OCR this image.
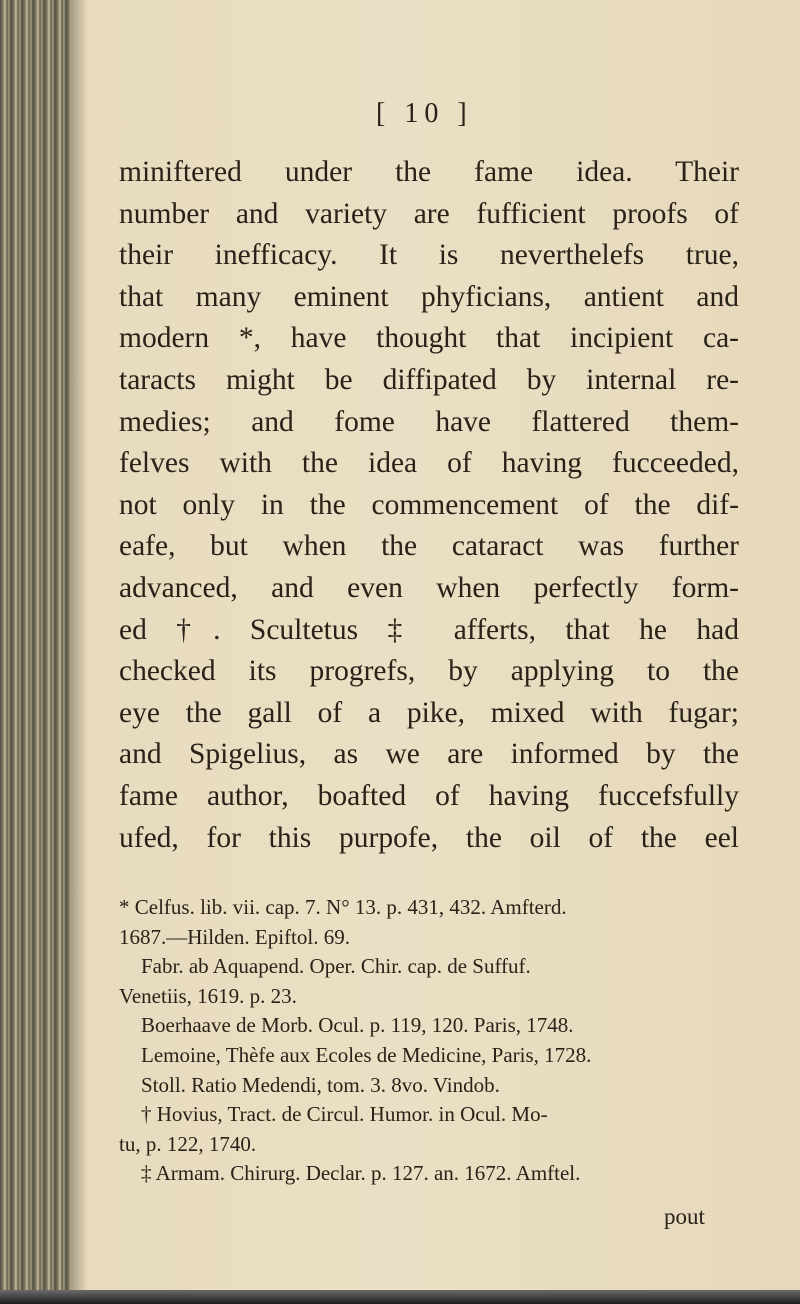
[ 10 ]
miniftered under the fame idea. Their
number and variety are fufficient proofs of
their inefficacy. It is neverthelefs true,
that many eminent phyficians, antient and
modern *, have thought that incipient ca-
taracts might be diffipated by internal re-
medies; and fome have flattered them-
felves with the idea of having fucceeded,
not only in the commencement of the dif-
eafe, but when the cataract was further
advanced, and even when perfectly form-
ed †. Scultetus ‡ afferts, that he had
checked its progrefs, by applying to the
eye the gall of a pike, mixed with fugar;
and Spigelius, as we are informed by the
fame author, boafted of having fuccefsfully
ufed, for this purpofe, the oil of the eel
* Celfus. lib. vii. cap. 7. N° 13. p. 431, 432. Amfterd.
1687.—Hilden. Epiftol. 69.
Fabr. ab Aquapend. Oper. Chir. cap. de Suffuf.
Venetiis, 1619. p. 23.
Boerhaave de Morb. Ocul. p. 119, 120. Paris, 1748.
Lemoine, Thèfe aux Ecoles de Medicine, Paris, 1728.
Stoll. Ratio Medendi, tom. 3. 8vo. Vindob.
† Hovius, Tract. de Circul. Humor. in Ocul. Mo-
tu, p. 122, 1740.
‡ Armam. Chirurg. Declar. p. 127. an. 1672. Amftel.
pout
